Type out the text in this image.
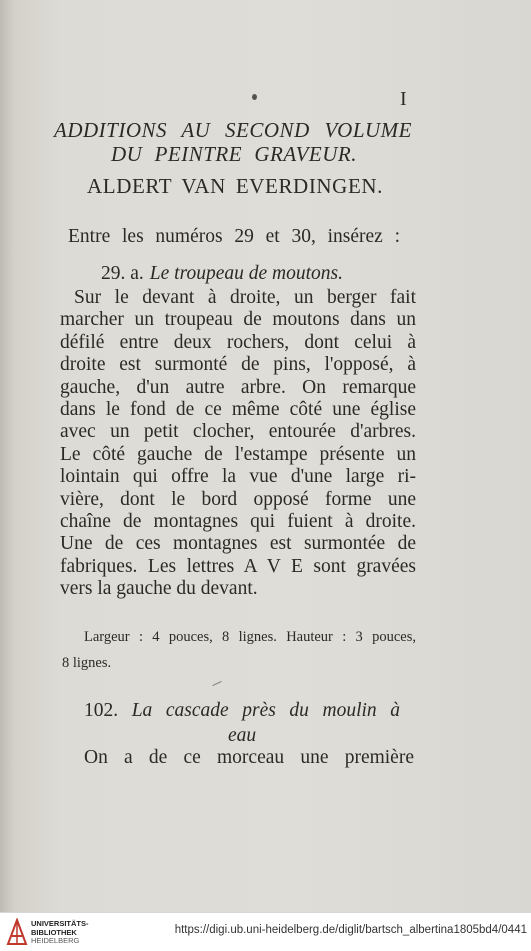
I
ADDITIONS AU SECOND VOLUME
DU PEINTRE GRAVEUR.
ALDERT VAN EVERDINGEN.
Entre les numéros 29 et 30, insérez :
29. a. Le troupeau de moutons.
Sur le devant à droite, un berger fait
marcher un troupeau de moutons dans un
défilé entre deux rochers, dont celui à
droite est surmonté de pins, l'opposé, à
gauche, d'un autre arbre. On remarque
dans le fond de ce même côté une église
avec un petit clocher, entourée d'arbres.
Le côté gauche de l'estampe présente un
lointain qui offre la vue d'une large ri-
vière, dont le bord opposé forme une
chaîne de montagnes qui fuient à droite.
Une de ces montagnes est surmontée de
fabriques. Les lettres A V E sont gravées
vers la gauche du devant.
Largeur : 4 pouces, 8 lignes. Hauteur : 3 pouces,
8 lignes.
102. La cascade près du moulin à
eau
On a de ce morceau une première
UNIVERSITÄTS-
BIBLIOTHEK
HEIDELBERG
https://digi.ub.uni-heidelberg.de/diglit/bartsch_albertina1805bd4/0441
